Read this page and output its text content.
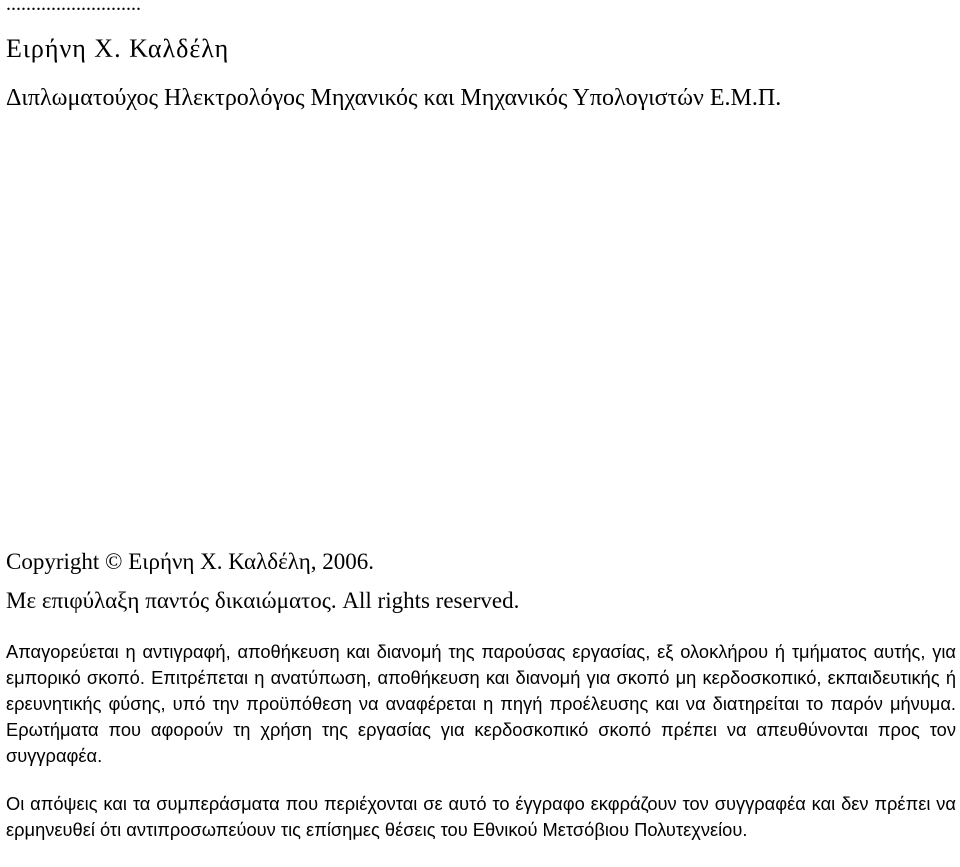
...........................
Ειρήνη Χ. Καλδέλη
Διπλωματούχος Ηλεκτρολόγος Μηχανικός και Μηχανικός Υπολογιστών Ε.Μ.Π.
Copyright © Ειρήνη Χ. Καλδέλη, 2006.
Με επιφύλαξη παντός δικαιώματος. All rights reserved.
Απαγορεύεται η αντιγραφή, αποθήκευση και διανομή της παρούσας εργασίας, εξ ολοκλήρου ή τμήματος αυτής, για εμπορικό σκοπό. Επιτρέπεται η ανατύπωση, αποθήκευση και διανομή για σκοπό μη κερδοσκοπικό, εκπαιδευτικής ή ερευνητικής φύσης, υπό την προϋπόθεση να αναφέρεται η πηγή προέλευσης και να διατηρείται το παρόν μήνυμα. Ερωτήματα που αφορούν τη χρήση της εργασίας για κερδοσκοπικό σκοπό πρέπει να απευθύνονται προς τον συγγραφέα.
Οι απόψεις και τα συμπεράσματα που περιέχονται σε αυτό το έγγραφο εκφράζουν τον συγγραφέα και δεν πρέπει να ερμηνευθεί ότι αντιπροσωπεύουν τις επίσημες θέσεις του Εθνικού Μετσόβιου Πολυτεχνείου.
